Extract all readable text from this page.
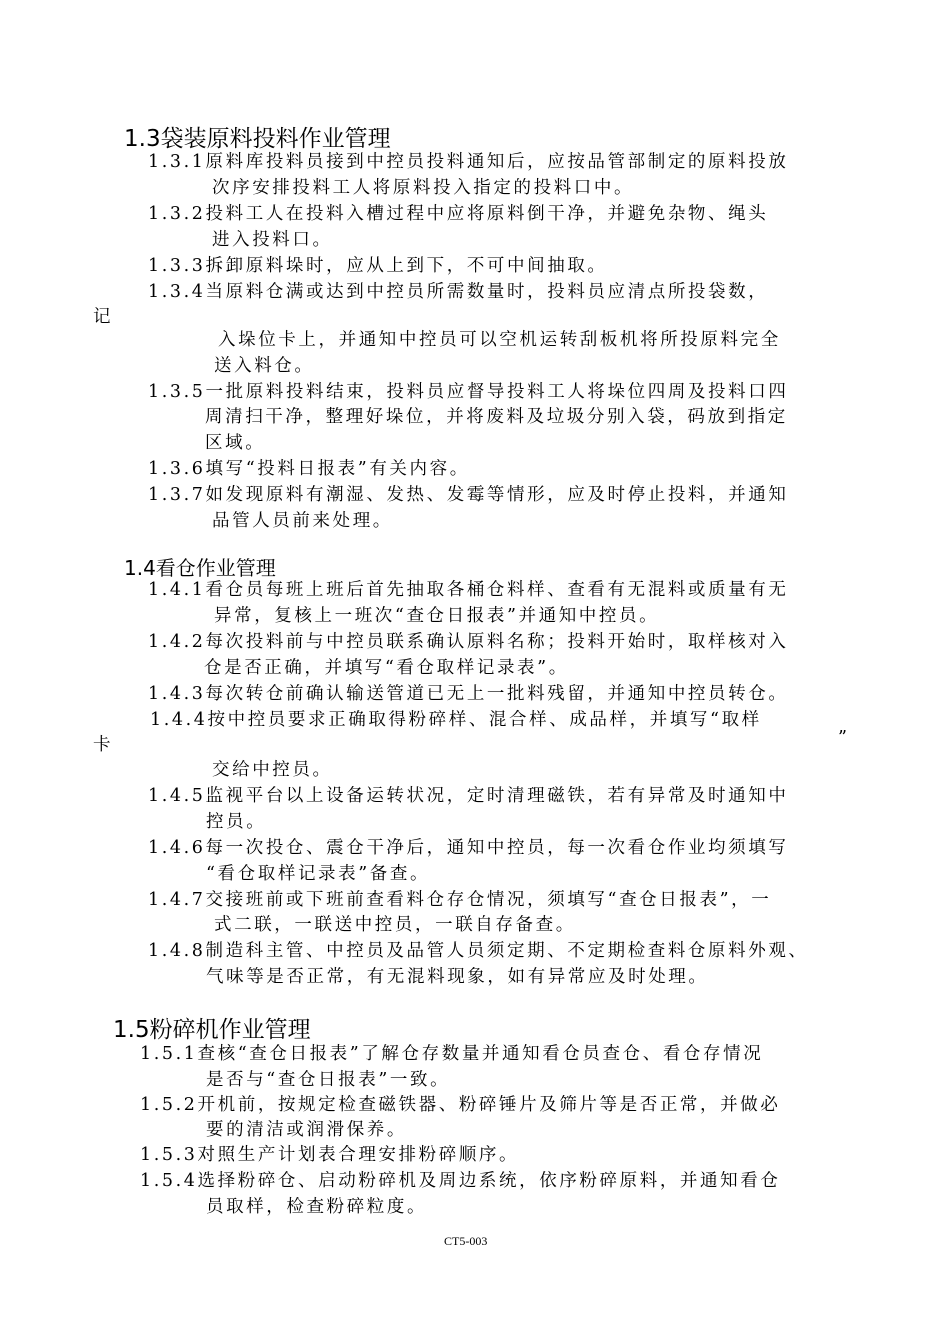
1.3袋装原料投料作业管理
1.3.1原料库投料员接到中控员投料通知后，应按品管部制定的原料投放
次序安排投料工人将原料投入指定的投料口中。
1.3.2投料工人在投料入槽过程中应将原料倒干净，并避免杂物、绳头
进入投料口。
1.3.3拆卸原料垛时，应从上到下，不可中间抽取。
1.3.4当原料仓满或达到中控员所需数量时，投料员应清点所投袋数，
记
入垛位卡上，并通知中控员可以空机运转刮板机将所投原料完全
送入料仓。
1.3.5一批原料投料结束，投料员应督导投料工人将垛位四周及投料口四
周清扫干净，整理好垛位，并将废料及垃圾分别入袋，码放到指定
区域。
1.3.6填写“投料日报表”有关内容。
1.3.7如发现原料有潮湿、发热、发霉等情形，应及时停止投料，并通知
品管人员前来处理。
1.4看仓作业管理
1.4.1看仓员每班上班后首先抽取各桶仓料样、查看有无混料或质量有无
异常，复核上一班次“查仓日报表”并通知中控员。
1.4.2每次投料前与中控员联系确认原料名称；投料开始时，取样核对入
仓是否正确，并填写“看仓取样记录表”。
1.4.3每次转仓前确认输送管道已无上一批料残留，并通知中控员转仓。
1.4.4按中控员要求正确取得粉碎样、混合样、成品样，并填写“取样
卡	”
交给中控员。
1.4.5监视平台以上设备运转状况，定时清理磁铁，若有异常及时通知中
控员。
1.4.6每一次投仓、震仓干净后，通知中控员，每一次看仓作业均须填写
“看仓取样记录表”备查。
1.4.7交接班前或下班前查看料仓存仓情况，须填写“查仓日报表”，一
式二联，一联送中控员，一联自存备查。
1.4.8制造科主管、中控员及品管人员须定期、不定期检查料仓原料外观、
气味等是否正常，有无混料现象，如有异常应及时处理。
1.5粉碎机作业管理
1.5.1查核“查仓日报表”了解仓存数量并通知看仓员查仓、看仓存情况
是否与“查仓日报表”一致。
1.5.2开机前，按规定检查磁铁器、粉碎锤片及筛片等是否正常，并做必
要的清洁或润滑保养。
1.5.3对照生产计划表合理安排粉碎顺序。
1.5.4选择粉碎仓、启动粉碎机及周边系统，依序粉碎原料，并通知看仓
员取样，检查粉碎粒度。
CT5-003
